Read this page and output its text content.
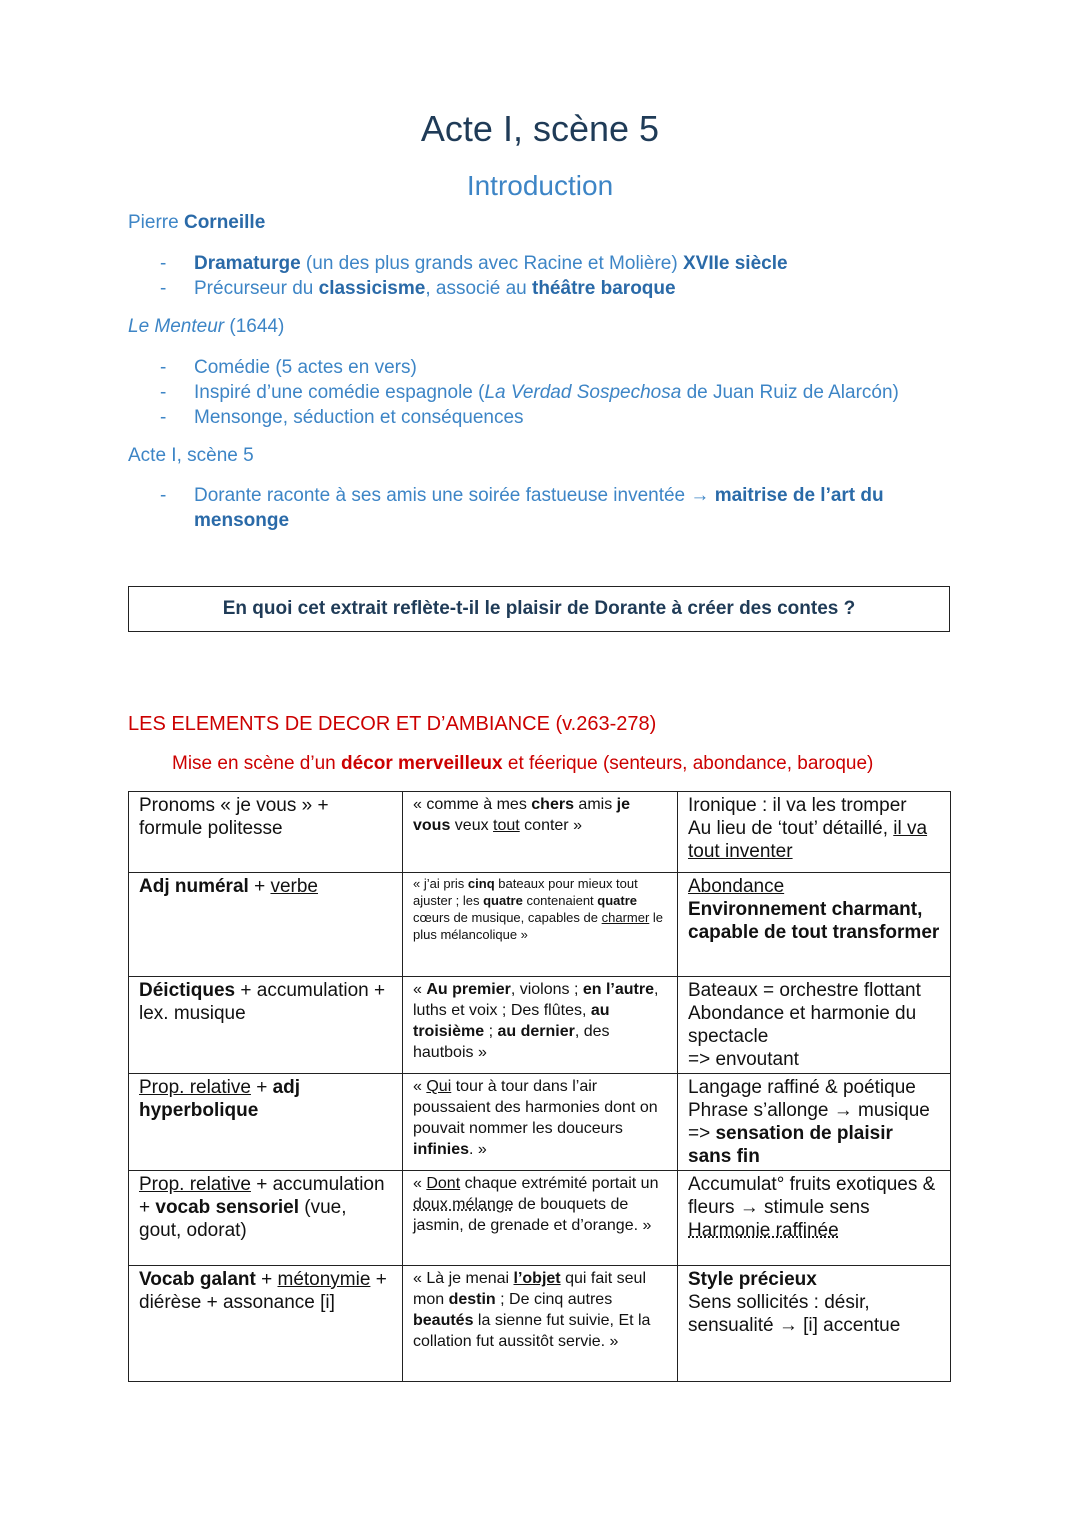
Acte I, scène 5
Introduction
Pierre Corneille
- Dramaturge (un des plus grands avec Racine et Molière) XVIIe siècle
- Précurseur du classicisme, associé au théâtre baroque
Le Menteur (1644)
- Comédie (5 actes en vers)
- Inspiré d’une comédie espagnole (La Verdad Sospechosa de Juan Ruiz de Alarcón)
- Mensonge, séduction et conséquences
Acte I, scène 5
- Dorante raconte à ses amis une soirée fastueuse inventée → maitrise de l’art du mensonge
En quoi cet extrait reflète-t-il le plaisir de Dorante à créer des contes ?
LES ELEMENTS DE DECOR ET D’AMBIANCE (v.263-278)
Mise en scène d’un décor merveilleux et féerique (senteurs, abondance, baroque)
Pronoms « je vous » + formule politesse	« comme à mes chers amis je vous veux tout conter »	Ironique : il va les tromper
Au lieu de ‘tout’ détaillé, il va tout inventer

Adj numéral + verbe	« j’ai pris cinq bateaux pour mieux tout ajuster ; les quatre contenaient quatre cœurs de musique, capables de charmer le plus mélancolique »	Abondance
Environnement charmant, capable de tout transformer

Déictiques + accumulation + lex. musique	« Au premier, violons ; en l’autre, luths et voix ; Des flûtes, au troisième ; au dernier, des hautbois »	Bateaux = orchestre flottant
Abondance et harmonie du spectacle
=> envoutant

Prop. relative + adj hyperbolique	« Qui tour à tour dans l’air poussaient des harmonies dont on pouvait nommer les douceurs infinies. »	Langage raffiné & poétique
Phrase s’allonge → musique
=> sensation de plaisir sans fin

Prop. relative + accumulation + vocab sensoriel (vue, gout, odorat)	« Dont chaque extrémité portait un doux mélange de bouquets de jasmin, de grenade et d’orange. »	Accumulat° fruits exotiques & fleurs → stimule sens
Harmonie raffinée

Vocab galant + métonymie + diérèse + assonance [i]	« Là je menai l’objet qui fait seul mon destin ; De cinq autres beautés la sienne fut suivie, Et la collation fut aussitôt servie. »	Style précieux
Sens sollicités : désir, sensualité → [i] accentue
